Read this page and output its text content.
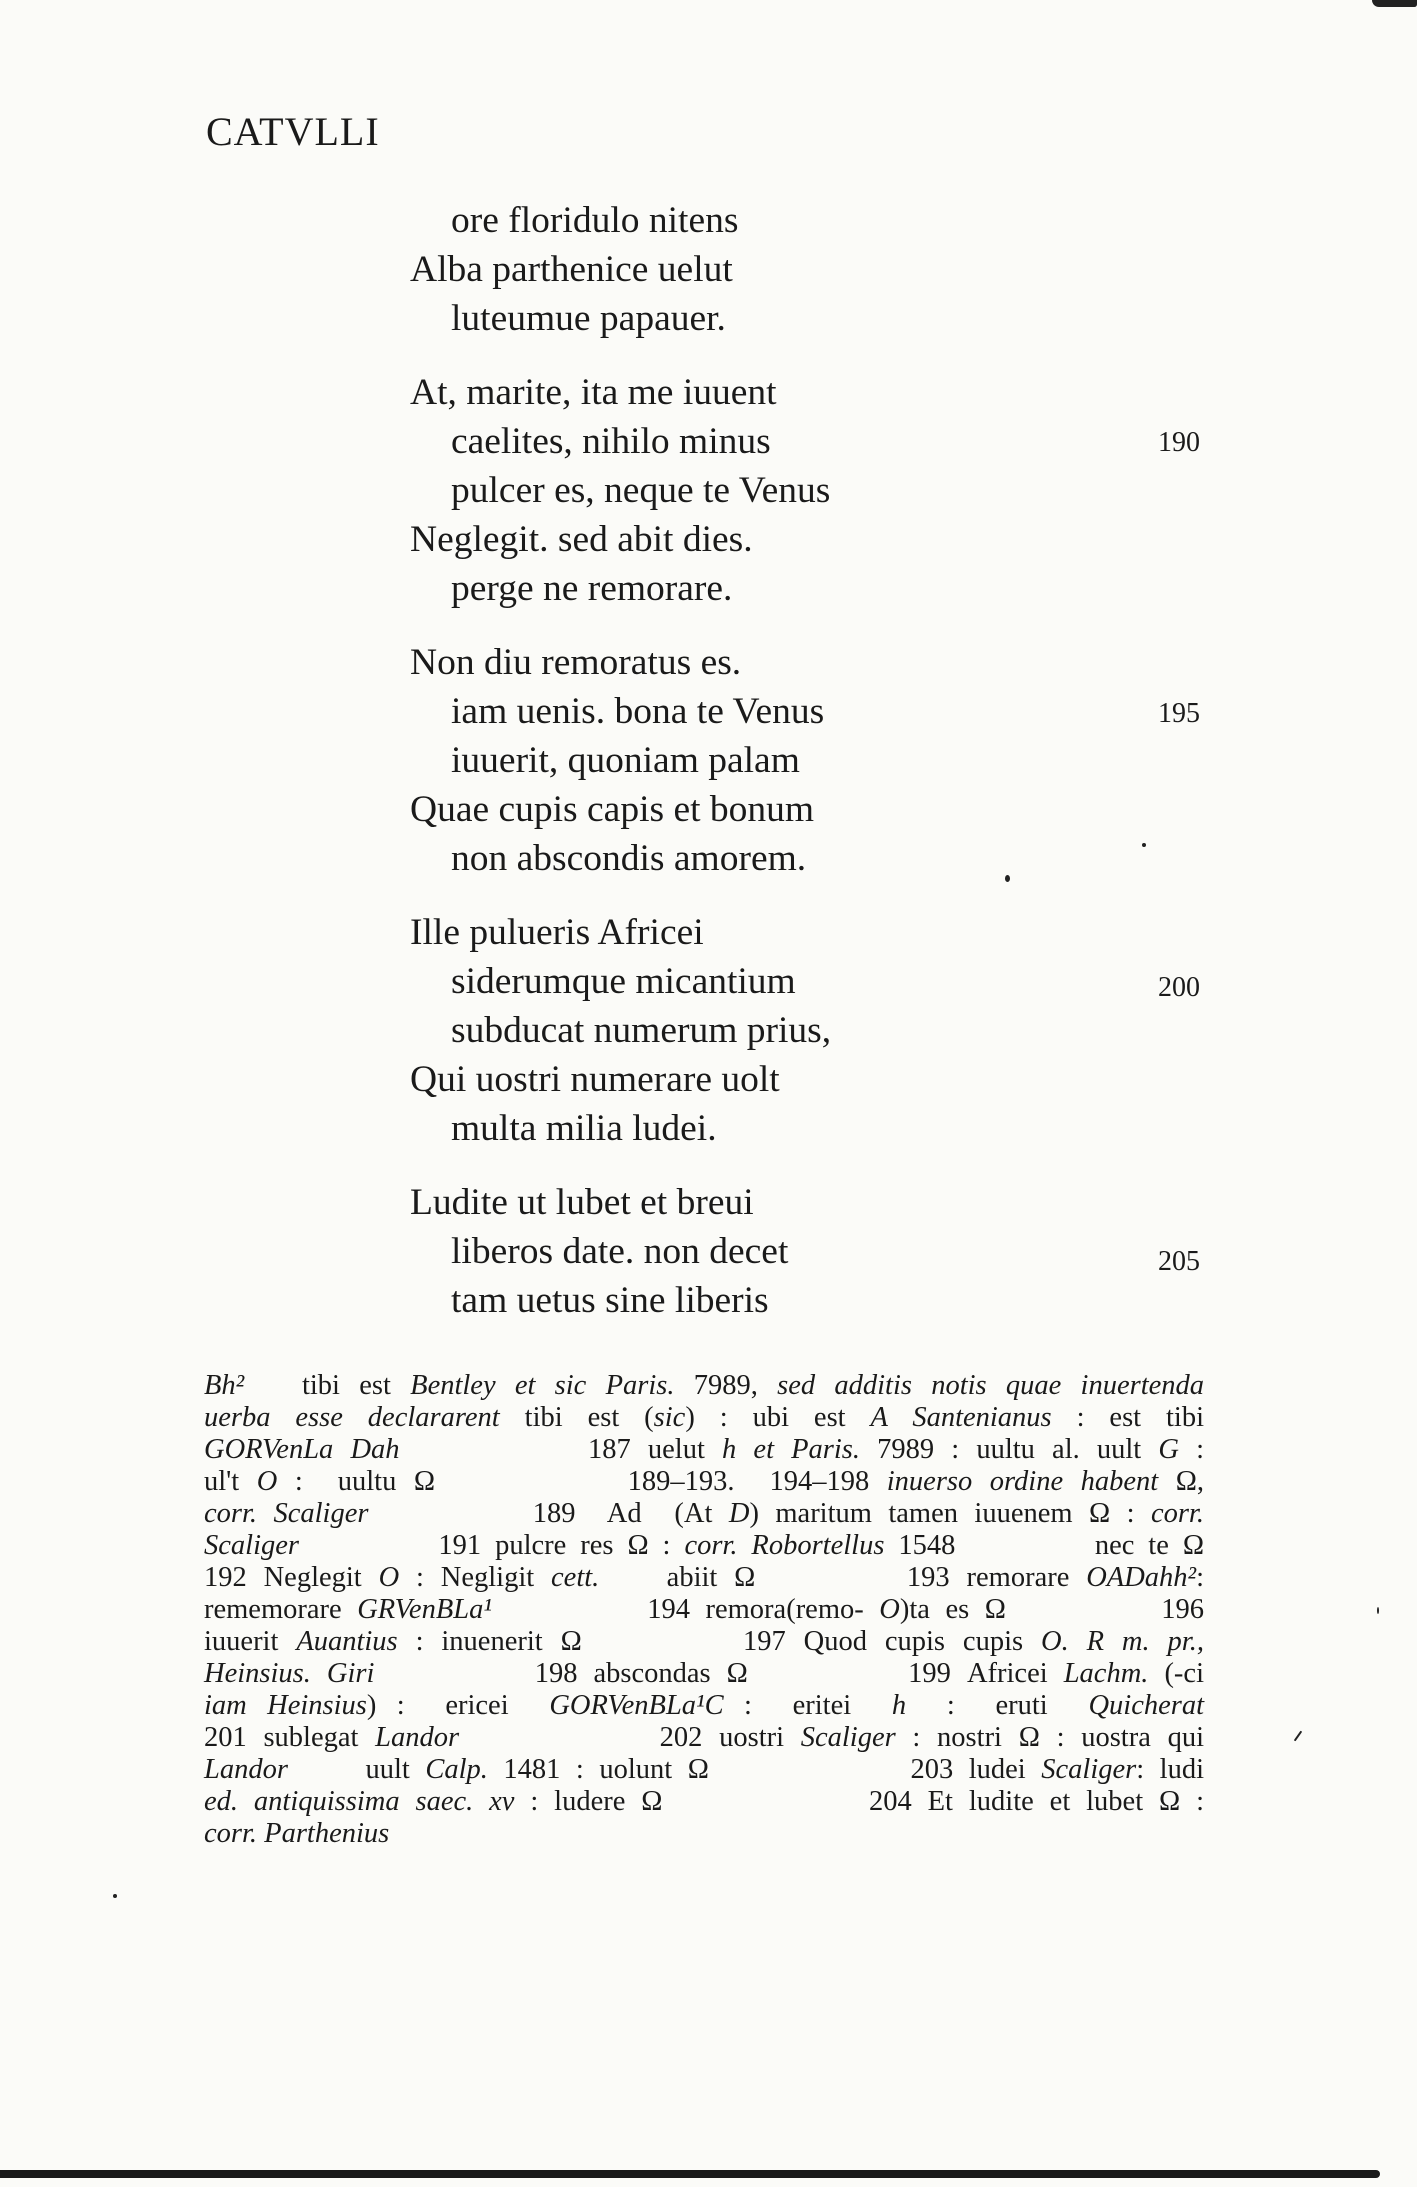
CATVLLI
ore floridulo nitens
Alba parthenice uelut
luteumue papauer.
At, marite, ita me iuuent
caelites, nihilo minus	190
pulcer es, neque te Venus
Neglegit. sed abit dies.
perge ne remorare.
Non diu remoratus es.
iam uenis. bona te Venus	195
iuuerit, quoniam palam
Quae cupis capis et bonum
non abscondis amorem.
Ille pulueris Africei
siderumque micantium	200
subducat numerum prius,
Qui uostri numerare uolt
multa milia ludei.
Ludite ut lubet et breui
liberos date. non decet	205
tam uetus sine liberis
Bh²   tibi est Bentley et sic Paris. 7989, sed additis notis quae inuertenda
uerba esse declararent tibi est (sic) : ubi est A Santenianus : est tibi
GORVenLa Dah           187 uelut h et Paris. 7989 : uultu al. uult G :
ul't O :  uultu Ω           189–193.  194–198 inuerso ordine habent Ω,
corr. Scaliger          189  Ad  (At D) maritum tamen iuuenem Ω : corr.
Scaliger          191 pulcre res Ω : corr. Robortellus 1548          nec te Ω
192 Neglegit O : Negligit cett.    abiit Ω         193 remorare OADahh²:
rememorare GRVenBLa¹          194 remora(remo- O)ta es Ω          196
iuuerit Auantius : inuenerit Ω         197 Quod cupis cupis O. R m. pr.,
Heinsius. Giri          198 abscondas Ω          199 Africei Lachm. (-ci
iam Heinsius) :  ericei  GORVenBLa¹C :  eritei  h  :  eruti  Quicherat
201 sublegat Landor            202 uostri Scaliger : nostri Ω : uostra qui
Landor     uult Calp. 1481 : uolunt Ω             203 ludei Scaliger: ludi
ed. antiquissima saec. xv : ludere Ω             204 Et ludite et lubet Ω :
corr. Parthenius
